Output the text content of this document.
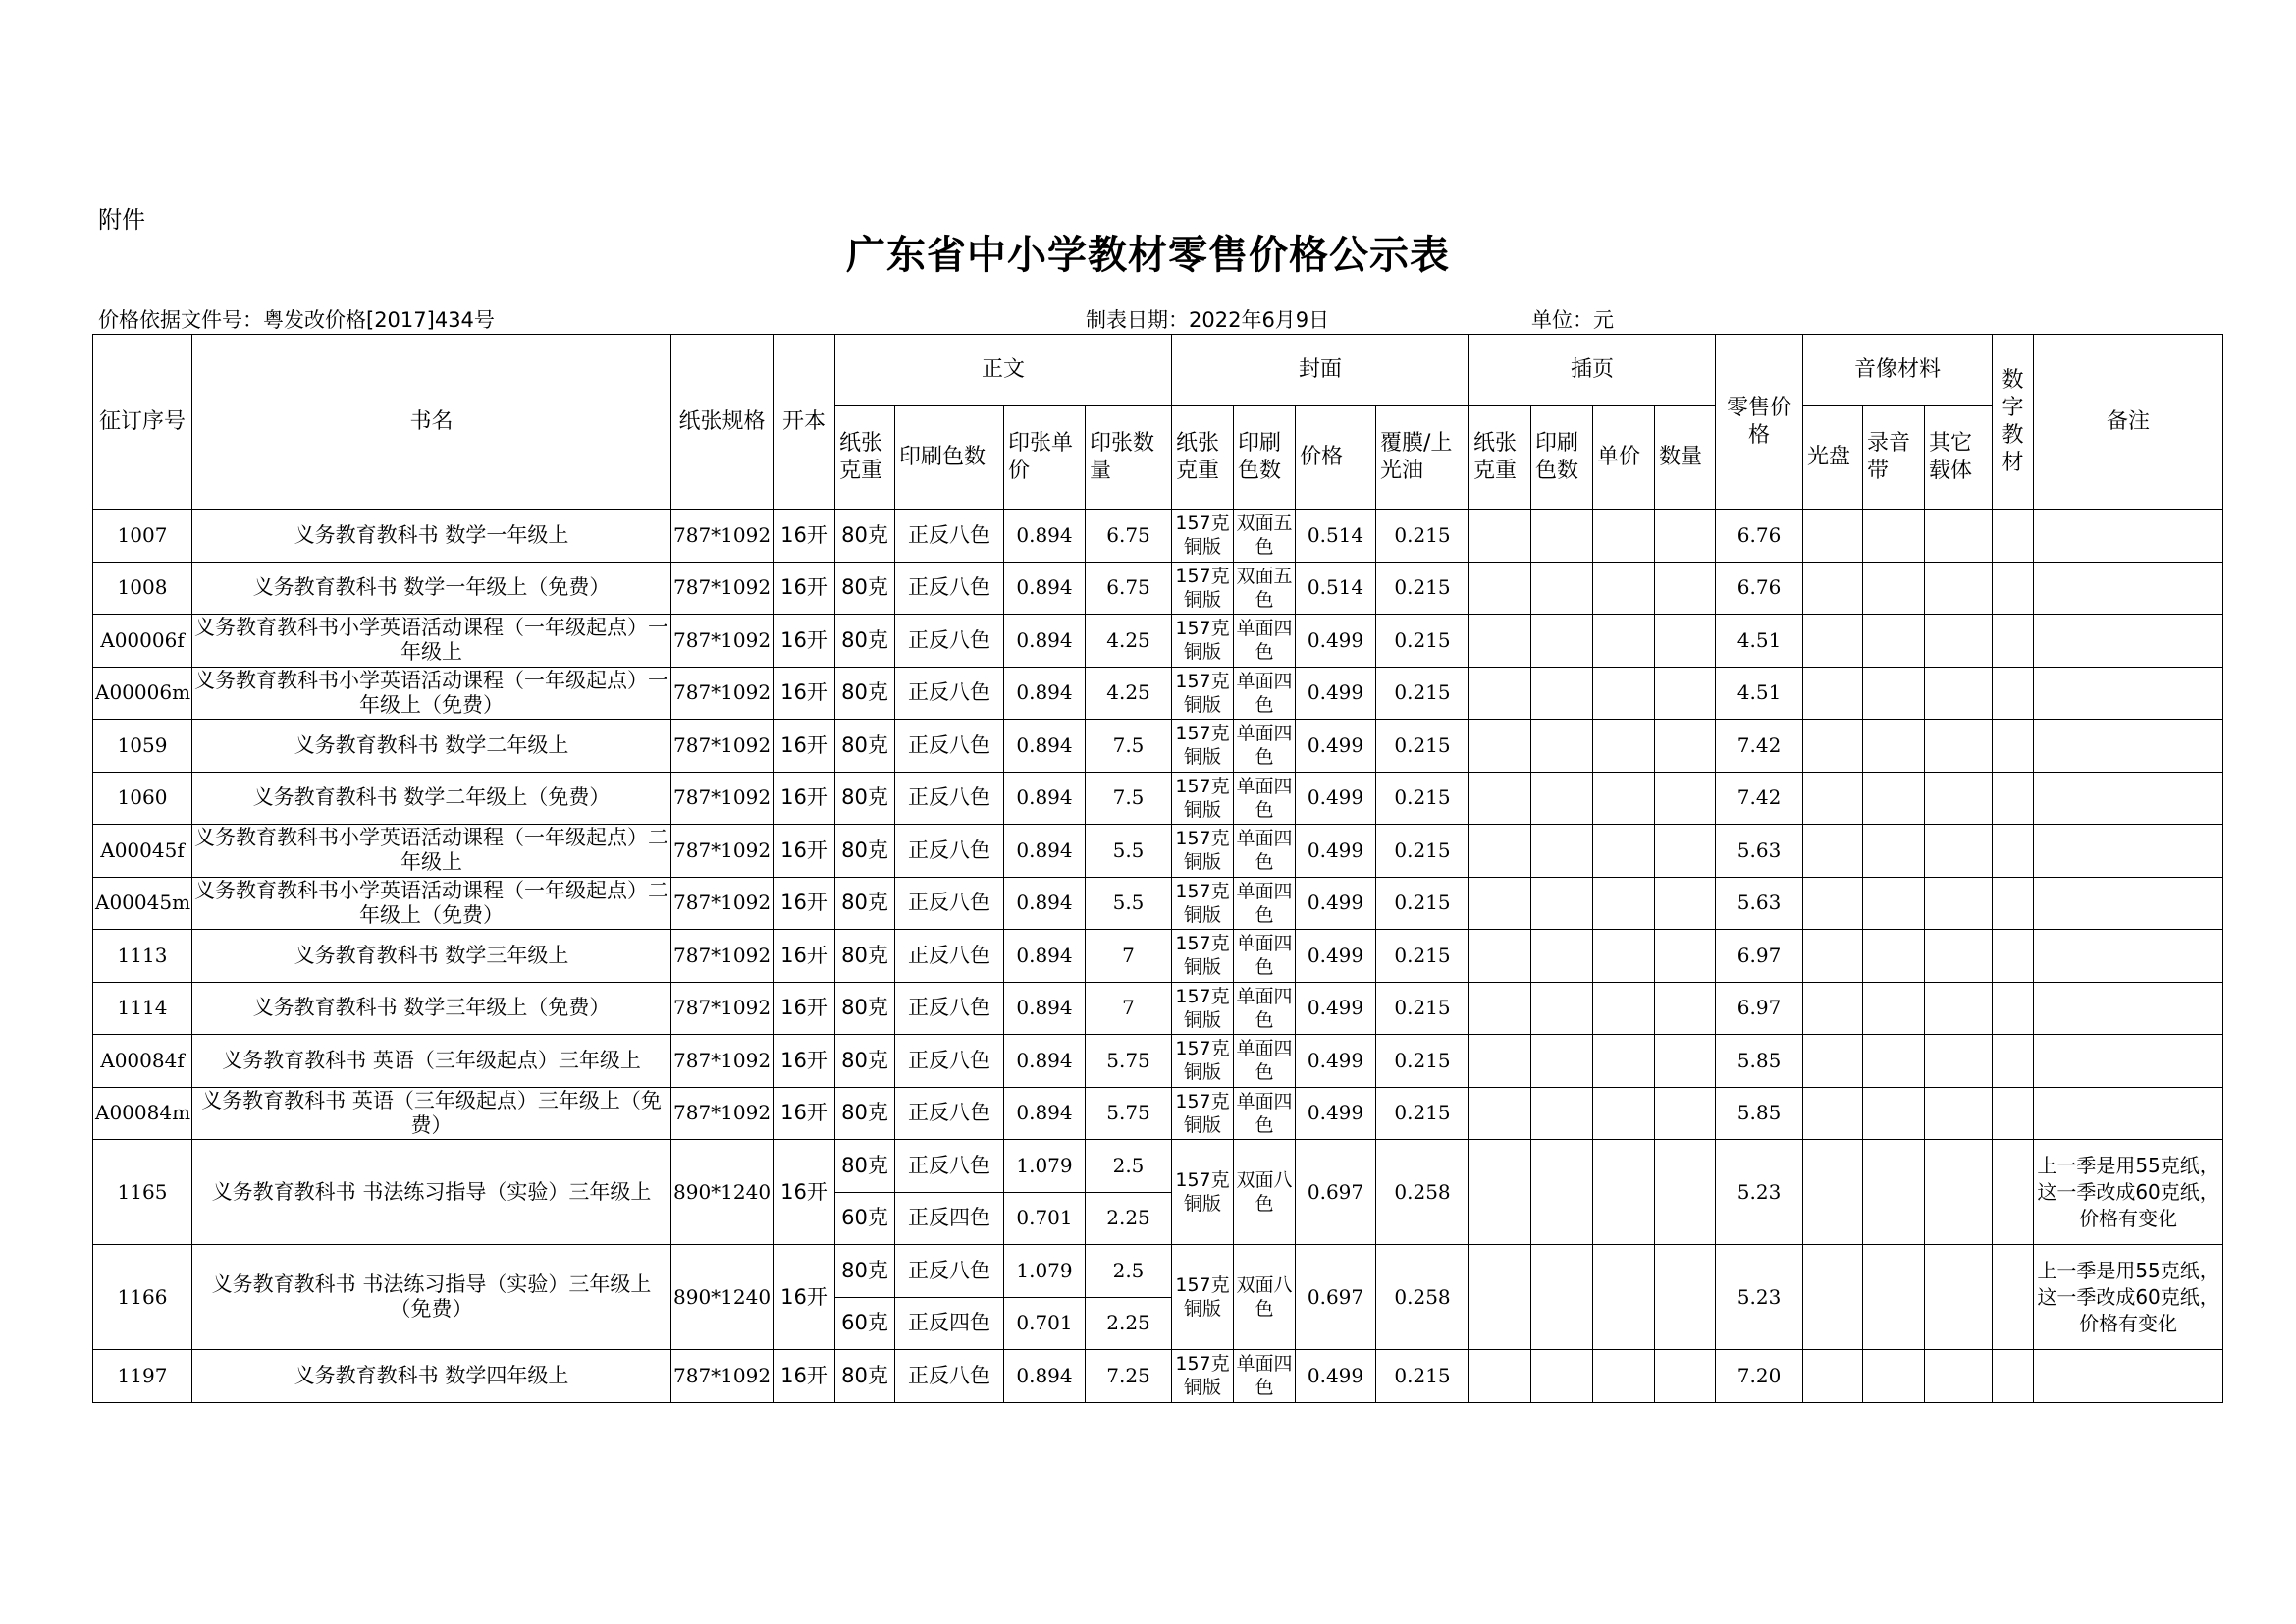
附件
广东省中小学教材零售价格公示表
价格依据文件号：粤发改价格[2017]434号	制表日期：2022年6月9日	单位：元
征订序号	书名	纸张规格	开本	正文				封面				插页				零售价格	音像材料			数字教材	备注
				纸张克重	印刷色数	印张单价	印张数量	纸张克重	印刷色数	价格	覆膜/上光油	纸张克重	印刷色数	单价	数量		光盘	录音带	其它载体		
1007	义务教育教科书 数学一年级上	787*1092	16开	80克	正反八色	0.894	6.75	157克铜版	双面五色	0.514	0.215					6.76					
1008	义务教育教科书 数学一年级上（免费）	787*1092	16开	80克	正反八色	0.894	6.75	157克铜版	双面五色	0.514	0.215					6.76					
A00006f	义务教育教科书小学英语活动课程（一年级起点）一年级上	787*1092	16开	80克	正反八色	0.894	4.25	157克铜版	单面四色	0.499	0.215					4.51					
A00006m	义务教育教科书小学英语活动课程（一年级起点）一年级上（免费）	787*1092	16开	80克	正反八色	0.894	4.25	157克铜版	单面四色	0.499	0.215					4.51					
1059	义务教育教科书 数学二年级上	787*1092	16开	80克	正反八色	0.894	7.5	157克铜版	单面四色	0.499	0.215					7.42					
1060	义务教育教科书 数学二年级上（免费）	787*1092	16开	80克	正反八色	0.894	7.5	157克铜版	单面四色	0.499	0.215					7.42					
A00045f	义务教育教科书小学英语活动课程（一年级起点）二年级上	787*1092	16开	80克	正反八色	0.894	5.5	157克铜版	单面四色	0.499	0.215					5.63					
A00045m	义务教育教科书小学英语活动课程（一年级起点）二年级上（免费）	787*1092	16开	80克	正反八色	0.894	5.5	157克铜版	单面四色	0.499	0.215					5.63					
1113	义务教育教科书 数学三年级上	787*1092	16开	80克	正反八色	0.894	7	157克铜版	单面四色	0.499	0.215					6.97					
1114	义务教育教科书 数学三年级上（免费）	787*1092	16开	80克	正反八色	0.894	7	157克铜版	单面四色	0.499	0.215					6.97					
A00084f	义务教育教科书 英语（三年级起点）三年级上	787*1092	16开	80克	正反八色	0.894	5.75	157克铜版	单面四色	0.499	0.215					5.85					
A00084m	义务教育教科书 英语（三年级起点）三年级上（免费）	787*1092	16开	80克	正反八色	0.894	5.75	157克铜版	单面四色	0.499	0.215					5.85					
1165	义务教育教科书 书法练习指导（实验）三年级上	890*1240	16开	80克	正反八色	1.079	2.5	157克铜版	双面八色	0.697	0.258					5.23					上一季是用55克纸，这一季改成60克纸，价格有变化
				60克	正反四色	0.701	2.25														
1166	义务教育教科书 书法练习指导（实验）三年级上（免费）	890*1240	16开	80克	正反八色	1.079	2.5	157克铜版	双面八色	0.697	0.258					5.23					上一季是用55克纸，这一季改成60克纸，价格有变化
				60克	正反四色	0.701	2.25														
1197	义务教育教科书 数学四年级上	787*1092	16开	80克	正反八色	0.894	7.25	157克铜版	单面四色	0.499	0.215					7.20					
